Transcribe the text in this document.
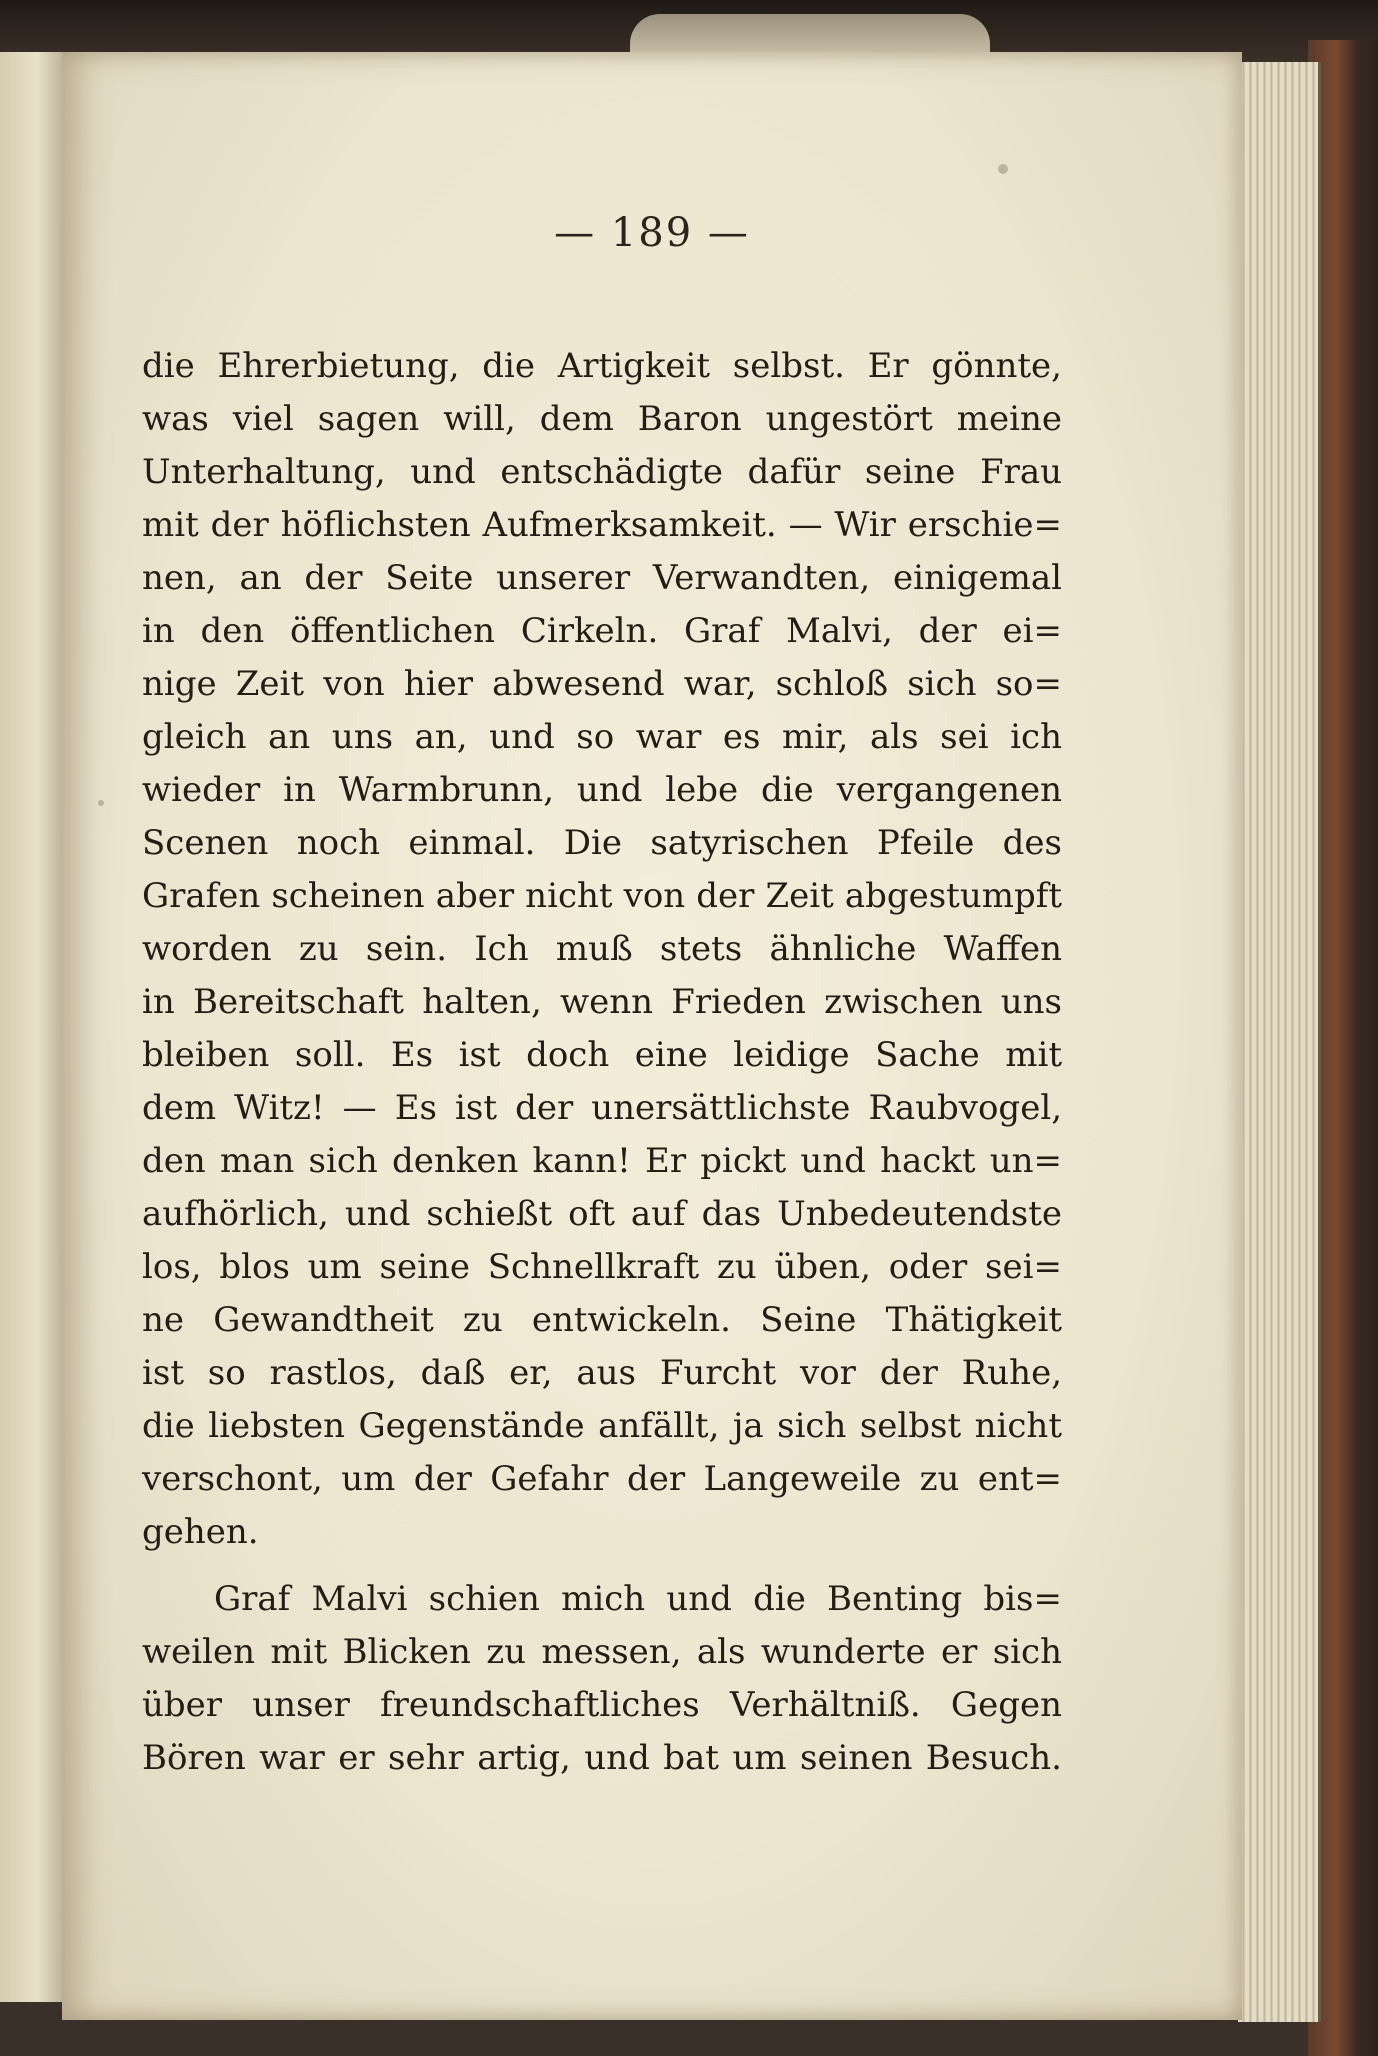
— 189 —
die Ehrerbietung, die Artigkeit selbst. Er gönnte,
was viel sagen will, dem Baron ungestört meine
Unterhaltung, und entschädigte dafür seine Frau
mit der höflichsten Aufmerksamkeit. — Wir erschie=
nen, an der Seite unserer Verwandten, einigemal
in den öffentlichen Cirkeln. Graf Malvi, der ei=
nige Zeit von hier abwesend war, schloß sich so=
gleich an uns an, und so war es mir, als sei ich
wieder in Warmbrunn, und lebe die vergangenen
Scenen noch einmal. Die satyrischen Pfeile des
Grafen scheinen aber nicht von der Zeit abgestumpft
worden zu sein. Ich muß stets ähnliche Waffen
in Bereitschaft halten, wenn Frieden zwischen uns
bleiben soll. Es ist doch eine leidige Sache mit
dem Witz! — Es ist der unersättlichste Raubvogel,
den man sich denken kann! Er pickt und hackt un=
aufhörlich, und schießt oft auf das Unbedeutendste
los, blos um seine Schnellkraft zu üben, oder sei=
ne Gewandtheit zu entwickeln. Seine Thätigkeit
ist so rastlos, daß er, aus Furcht vor der Ruhe,
die liebsten Gegenstände anfällt, ja sich selbst nicht
verschont, um der Gefahr der Langeweile zu ent=
gehen.
Graf Malvi schien mich und die Benting bis=
weilen mit Blicken zu messen, als wunderte er sich
über unser freundschaftliches Verhältniß. Gegen
Bören war er sehr artig, und bat um seinen Besuch.
